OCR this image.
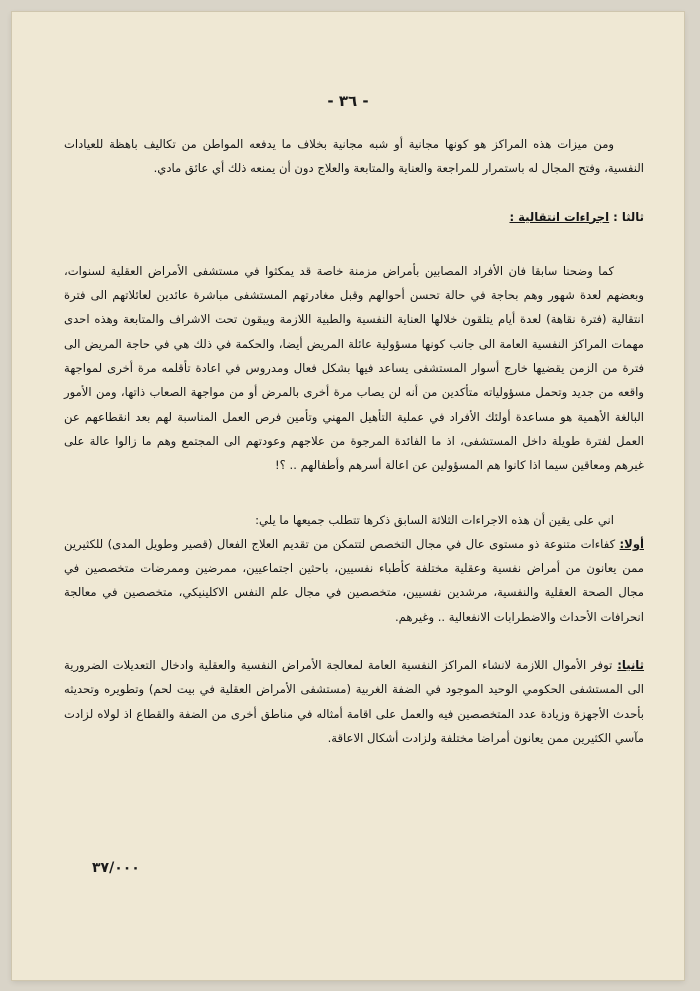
- ٣٦ -

ومن ميزات هذه المراكز هو كونها مجانية أو شبه مجانية بخلاف ما يدفعه المواطن من تكاليف باهظة للعيادات النفسية، وفتح المجال له باستمرار للمراجعة والعناية والمتابعة والعلاج دون أن يمنعه ذلك أي عائق مادي.

ثالثا : اجراءات انتقالية :

كما وضحنا سابقا فان الأفراد المصابين بأمراض مزمنة خاصة قد يمكثوا في مستشفى الأمراض العقلية لسنوات، وبعضهم لعدة شهور وهم بحاجة في حالة تحسن أحوالهم وقبل مغادرتهم المستشفى مباشرة عائدين لعائلاتهم الى فترة انتقالية (فترة نقاهة) لعدة أيام يتلقون خلالها العناية النفسية والطبية اللازمة ويبقون تحت الاشراف والمتابعة وهذه احدى مهمات المراكز النفسية العامة الى جانب كونها مسؤولية عائلة المريض أيضا، والحكمة في ذلك هي في حاجة المريض الى فترة من الزمن يقضيها خارج أسوار المستشفى يساعد فيها بشكل فعال ومدروس في اعادة تأقلمه مرة أخرى لمواجهة واقعه من جديد وتحمل مسؤولياته متأكدين من أنه لن يصاب مرة أخرى بالمرض أو من مواجهة الصعاب ذاتها، ومن الأمور البالغة الأهمية هو مساعدة أولئك الأفراد في عملية التأهيل المهني وتأمين فرص العمل المناسبة لهم بعد انقطاعهم عن العمل لفترة طويلة داخل المستشفى، اذ ما الفائدة المرجوة من علاجهم وعودتهم الى المجتمع وهم ما زالوا عالة على غيرهم ومعاقين سيما اذا كانوا هم المسؤولين عن اعالة أسرهم وأطفالهم .. ؟!

اني على يقين أن هذه الاجراءات الثلاثة السابق ذكرها تتطلب جميعها ما يلي:

أولا: كفاءات متنوعة ذو مستوى عال في مجال التخصص لتتمكن من تقديم العلاج الفعال (قصير وطويل المدى) للكثيرين ممن يعانون من أمراض نفسية وعقلية مختلفة كأطباء نفسيين، باحثين اجتماعيين، ممرضين وممرضات متخصصين في مجال الصحة العقلية والنفسية، مرشدين نفسيين، متخصصين في مجال علم النفس الاكلينيكي، متخصصين في معالجة انحرافات الأحداث والاضطرابات الانفعالية .. وغيرهم.

ثانيا: توفر الأموال اللازمة لانشاء المراكز النفسية العامة لمعالجة الأمراض النفسية والعقلية وادخال التعديلات الضرورية الى المستشفى الحكومي الوحيد الموجود في الضفة الغربية (مستشفى الأمراض العقلية في بيت لحم) وتطويره وتحديثه بأحدث الأجهزة وزيادة عدد المتخصصين فيه والعمل على اقامة أمثاله في مناطق أخرى من الضفة والقطاع اذ لولاه لزادت مآسي الكثيرين ممن يعانون أمراضا مختلفة ولزادت أشكال الاعاقة.

٣٧/٠٠٠
